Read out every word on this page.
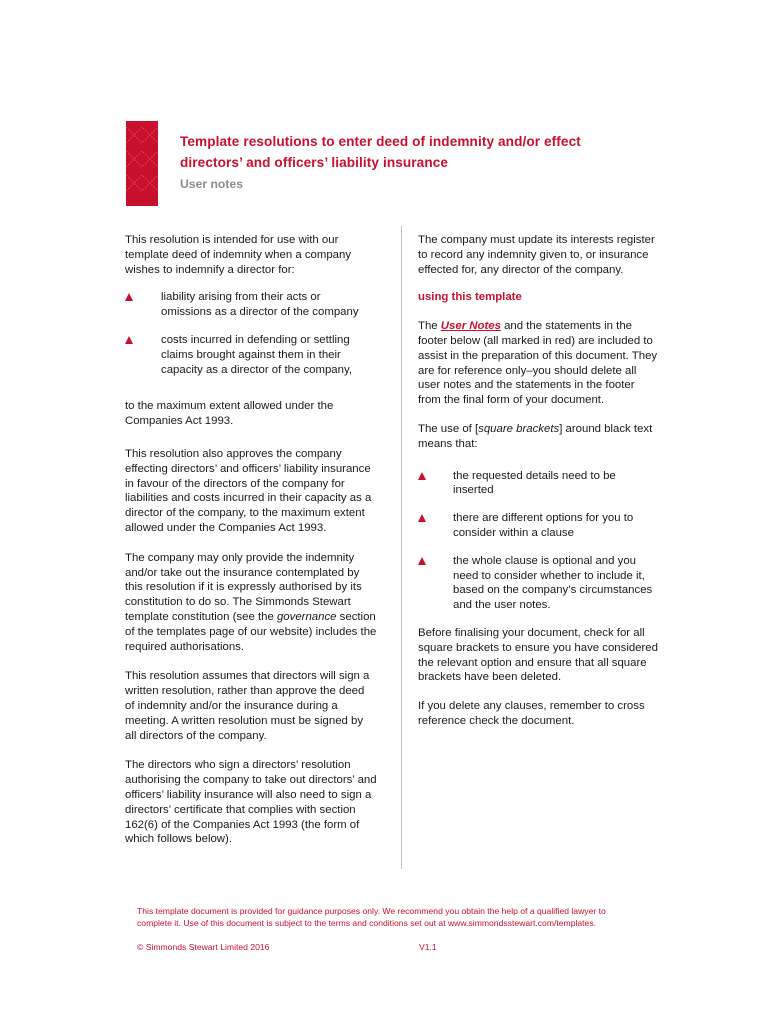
Template resolutions to enter deed of indemnity and/or effect
directors’ and officers’ liability insurance
User notes

This resolution is intended for use with our template deed of indemnity when a company wishes to indemnify a director for:

liability arising from their acts or omissions as a director of the company
costs incurred in defending or settling claims brought against them in their capacity as a director of the company,

to the maximum extent allowed under the Companies Act 1993.

This resolution also approves the company effecting directors’ and officers’ liability insurance in favour of the directors of the company for liabilities and costs incurred in their capacity as a director of the company, to the maximum extent allowed under the Companies Act 1993.

The company may only provide the indemnity and/or take out the insurance contemplated by this resolution if it is expressly authorised by its constitution to do so. The Simmonds Stewart template constitution (see the governance section of the templates page of our website) includes the required authorisations.

This resolution assumes that directors will sign a written resolution, rather than approve the deed of indemnity and/or the insurance during a meeting. A written resolution must be signed by all directors of the company.

The directors who sign a directors’ resolution authorising the company to take out directors’ and officers’ liability insurance will also need to sign a directors’ certificate that complies with section 162(6) of the Companies Act 1993 (the form of which follows below).

The company must update its interests register to record any indemnity given to, or insurance effected for, any director of the company.

using this template

The User Notes and the statements in the footer below (all marked in red) are included to assist in the preparation of this document. They are for reference only–you should delete all user notes and the statements in the footer from the final form of your document.

The use of [square brackets] around black text means that:

the requested details need to be inserted
there are different options for you to consider within a clause
the whole clause is optional and you need to consider whether to include it, based on the company’s circumstances and the user notes.

Before finalising your document, check for all square brackets to ensure you have considered the relevant option and ensure that all square brackets have been deleted.

If you delete any clauses, remember to cross reference check the document.

This template document is provided for guidance purposes only. We recommend you obtain the help of a qualified lawyer to
complete it. Use of this document is subject to the terms and conditions set out at www.simmondsstewart.com/templates.
© Simmonds Stewart Limited 2016	V1.1
